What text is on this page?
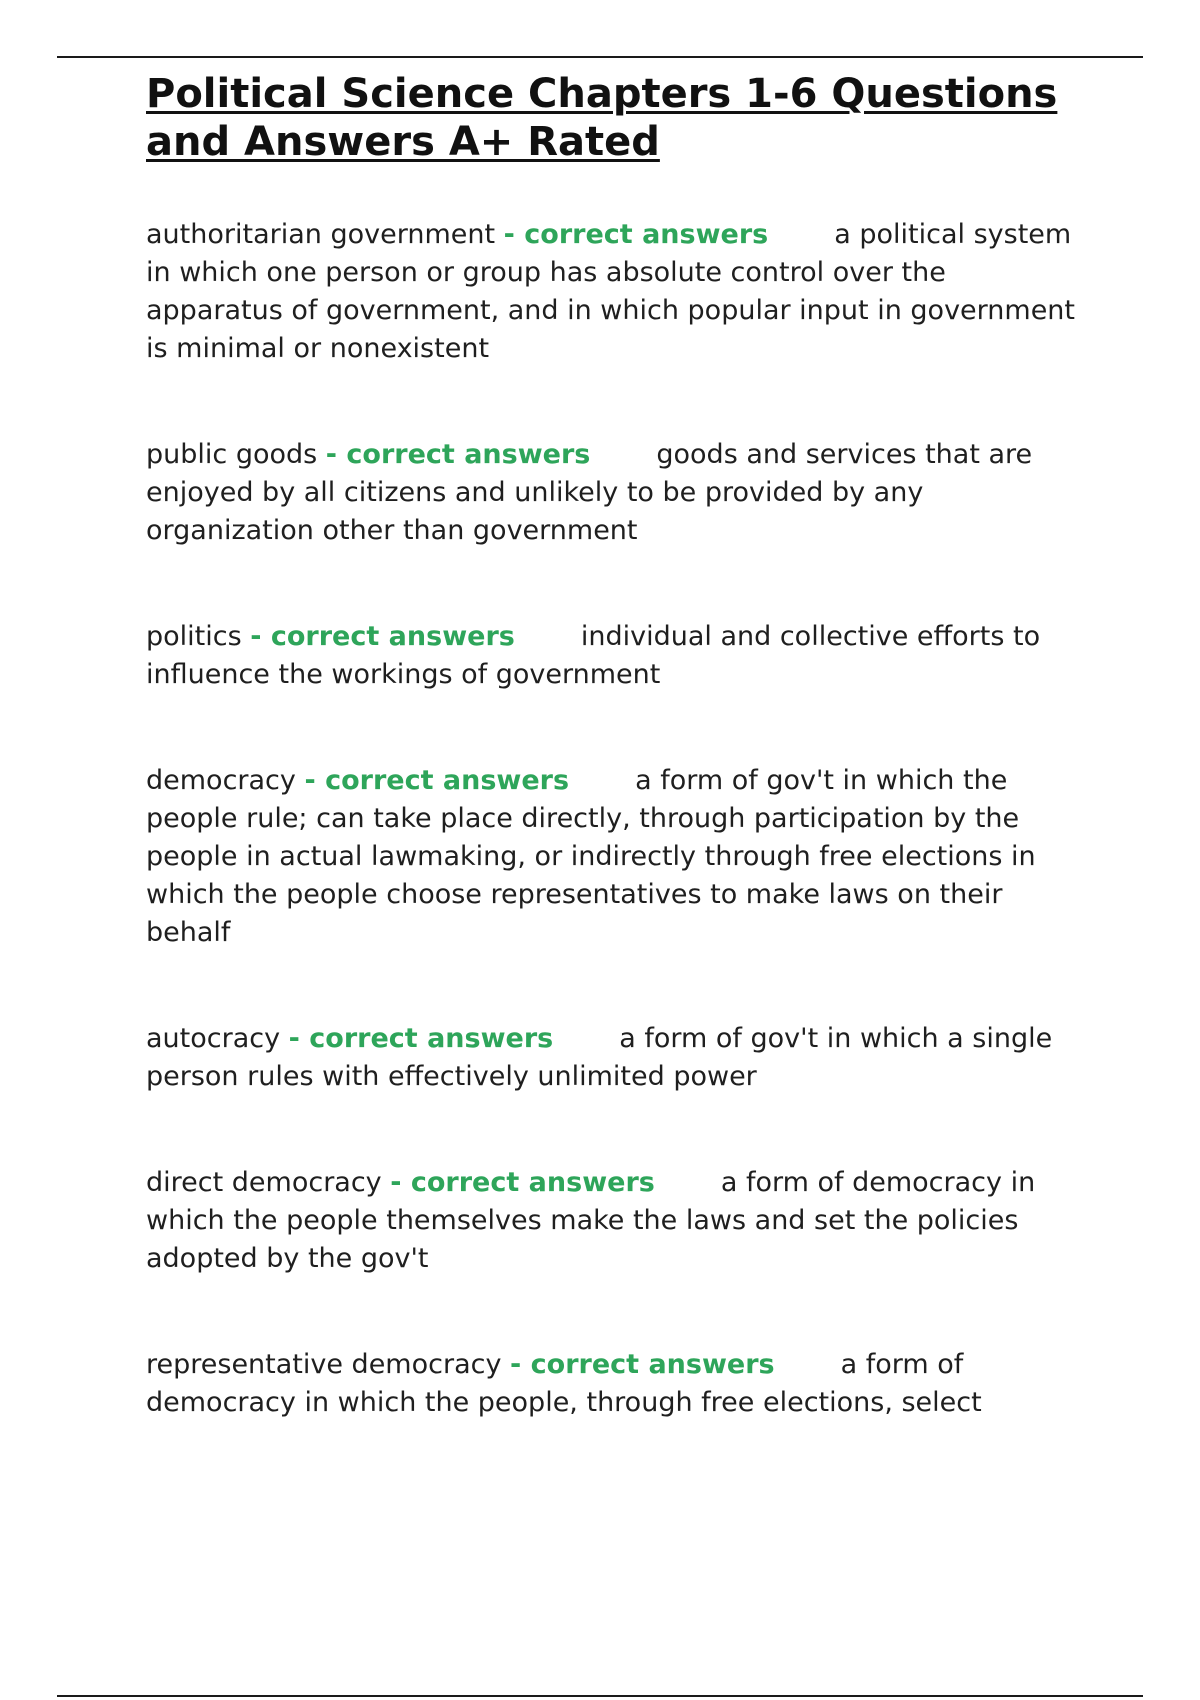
Political Science Chapters 1-6 Questions and Answers A+ Rated

authoritarian government - correct answers a political system in which one person or group has absolute control over the apparatus of government, and in which popular input in government is minimal or nonexistent

public goods - correct answers goods and services that are enjoyed by all citizens and unlikely to be provided by any organization other than government

politics - correct answers individual and collective efforts to influence the workings of government

democracy - correct answers a form of gov't in which the people rule; can take place directly, through participation by the people in actual lawmaking, or indirectly through free elections in which the people choose representatives to make laws on their behalf

autocracy - correct answers a form of gov't in which a single person rules with effectively unlimited power

direct democracy - correct answers a form of democracy in which the people themselves make the laws and set the policies adopted by the gov't

representative democracy - correct answers a form of democracy in which the people, through free elections, select
